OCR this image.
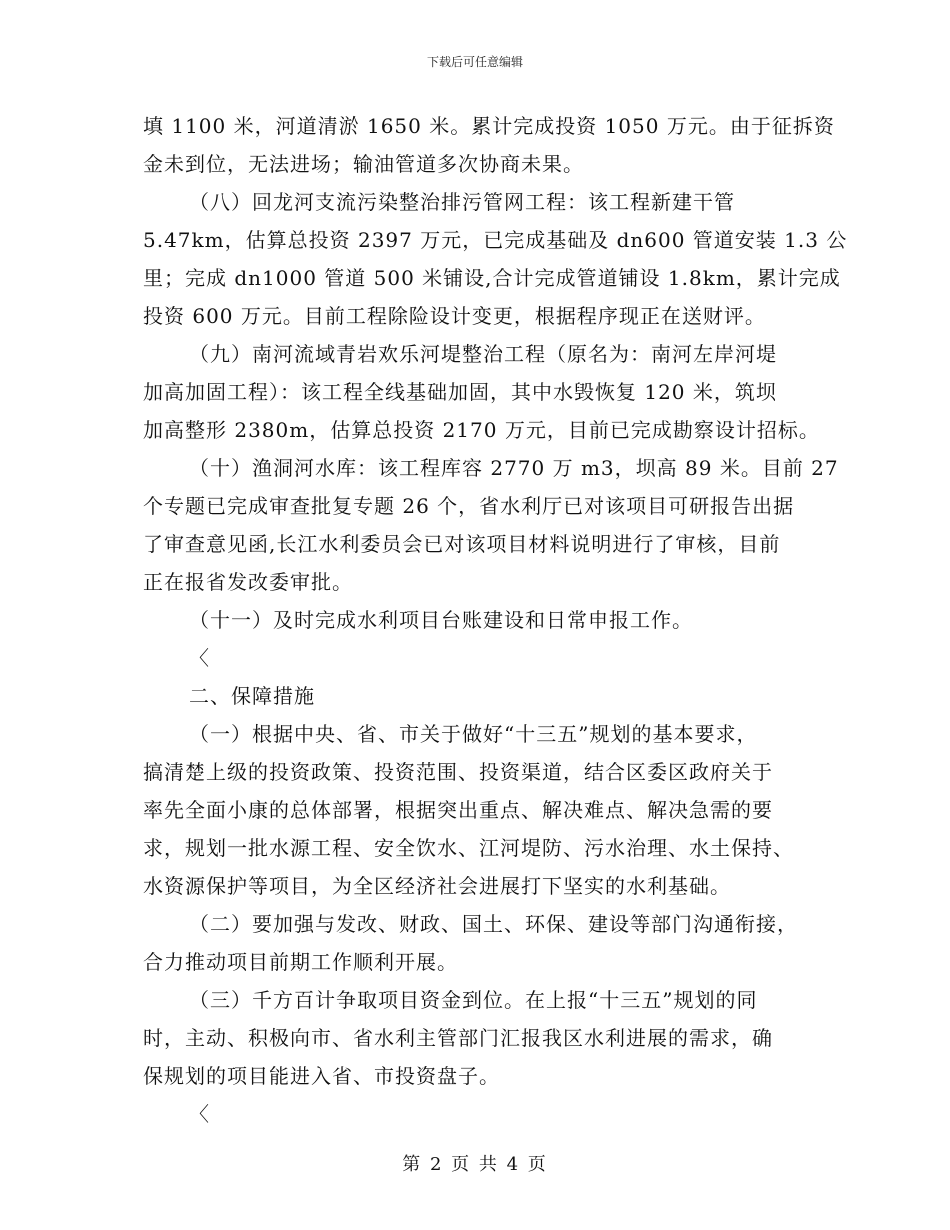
下载后可任意编辑

填 1100 米，河道清淤 1650 米。累计完成投资 1050 万元。由于征拆资

金未到位，无法进场；输油管道多次协商未果。

（八）回龙河支流污染整治排污管网工程：该工程新建干管

5.47km，估算总投资 2397 万元，已完成基础及 dn600 管道安装 1.3 公

里；完成 dn1000 管道 500 米铺设,合计完成管道铺设 1.8km，累计完成

投资 600 万元。目前工程除险设计变更，根据程序现正在送财评。

（九）南河流域青岩欢乐河堤整治工程（原名为：南河左岸河堤

加高加固工程）：该工程全线基础加固，其中水毁恢复 120 米，筑坝

加高整形 2380m，估算总投资 2170 万元，目前已完成勘察设计招标。

（十）渔洞河水库：该工程库容 2770 万 m3，坝高 89 米。目前 27

个专题已完成审查批复专题 26 个，省水利厅已对该项目可研报告出据

了审查意见函,长江水利委员会已对该项目材料说明进行了审核，目前

正在报省发改委审批。

（十一）及时完成水利项目台账建设和日常申报工作。

〈

二、保障措施

（一）根据中央、省、市关于做好“十三五”规划的基本要求，

搞清楚上级的投资政策、投资范围、投资渠道，结合区委区政府关于

率先全面小康的总体部署，根据突出重点、解决难点、解决急需的要

求，规划一批水源工程、安全饮水、江河堤防、污水治理、水土保持、

水资源保护等项目，为全区经济社会进展打下坚实的水利基础。

（二）要加强与发改、财政、国土、环保、建设等部门沟通衔接，

合力推动项目前期工作顺利开展。

（三）千方百计争取项目资金到位。在上报“十三五”规划的同

时，主动、积极向市、省水利主管部门汇报我区水利进展的需求，确

保规划的项目能进入省、市投资盘子。

〈

第 2 页 共 4 页
